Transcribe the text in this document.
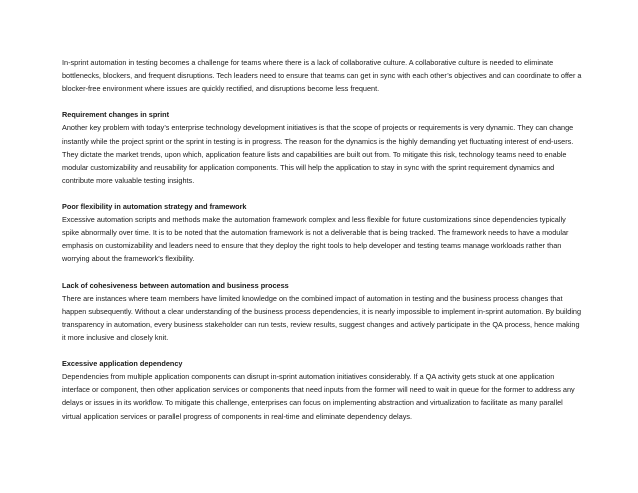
In-sprint automation in testing becomes a challenge for teams where there is a lack of collaborative culture. A collaborative culture is needed to eliminate bottlenecks, blockers, and frequent disruptions. Tech leaders need to ensure that teams can get in sync with each other’s objectives and can coordinate to offer a blocker-free environment where issues are quickly rectified, and disruptions become less frequent.

Requirement changes in sprint

Another key problem with today’s enterprise technology development initiatives is that the scope of projects or requirements is very dynamic. They can change instantly while the project sprint or the sprint in testing is in progress. The reason for the dynamics is the highly demanding yet fluctuating interest of end-users. They dictate the market trends, upon which, application feature lists and capabilities are built out from. To mitigate this risk, technology teams need to enable modular customizability and reusability for application components. This will help the application to stay in sync with the sprint requirement dynamics and contribute more valuable testing insights.

Poor flexibility in automation strategy and framework

Excessive automation scripts and methods make the automation framework complex and less flexible for future customizations since dependencies typically spike abnormally over time. It is to be noted that the automation framework is not a deliverable that is being tracked. The framework needs to have a modular emphasis on customizability and leaders need to ensure that they deploy the right tools to help developer and testing teams manage workloads rather than worrying about the framework’s flexibility.

Lack of cohesiveness between automation and business process

There are instances where team members have limited knowledge on the combined impact of automation in testing and the business process changes that happen subsequently. Without a clear understanding of the business process dependencies, it is nearly impossible to implement in-sprint automation. By building transparency in automation, every business stakeholder can run tests, review results, suggest changes and actively participate in the QA process, hence making it more inclusive and closely knit.

Excessive application dependency

Dependencies from multiple application components can disrupt in-sprint automation initiatives considerably. If a QA activity gets stuck at one application interface or component, then other application services or components that need inputs from the former will need to wait in queue for the former to address any delays or issues in its workflow. To mitigate this challenge, enterprises can focus on implementing abstraction and virtualization to facilitate as many parallel virtual application services or parallel progress of components in real-time and eliminate dependency delays.
